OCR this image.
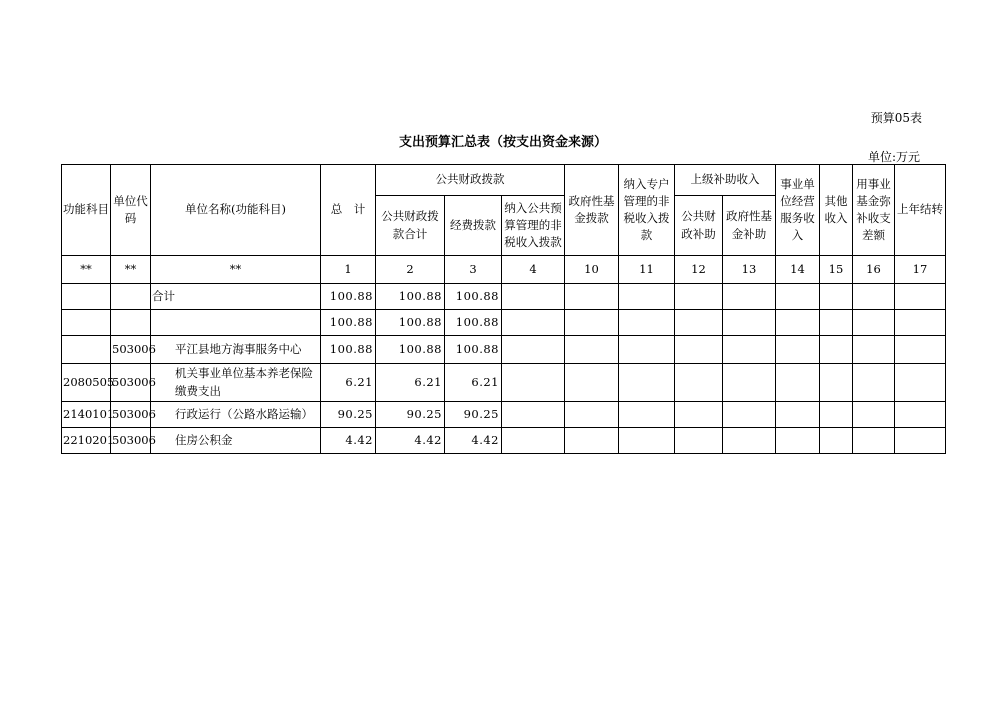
预算05表
支出预算汇总表（按支出资金来源）
单位:万元
功能科目	单位代码	单位名称(功能科目)	总　计	公共财政拨款			政府性基金拨款	纳入专户管理的非税收入拨款	上级补助收入		事业单位经营服务收入	其他收入	用事业基金弥补收支差额	上年结转
				公共财政拨款合计	经费拨款	纳入公共预算管理的非税收入拨款			公共财政补助	政府性基金补助				
**	**	**	1	2	3	4	10	11	12	13	14	15	16	17
		合计	100.88	100.88	100.88									
			100.88	100.88	100.88									
	503006	平江县地方海事服务中心	100.88	100.88	100.88									
2080505	503006	机关事业单位基本养老保险缴费支出	6.21	6.21	6.21									
2140101	503006	行政运行（公路水路运输）	90.25	90.25	90.25									
2210201	503006	住房公积金	4.42	4.42	4.42									
